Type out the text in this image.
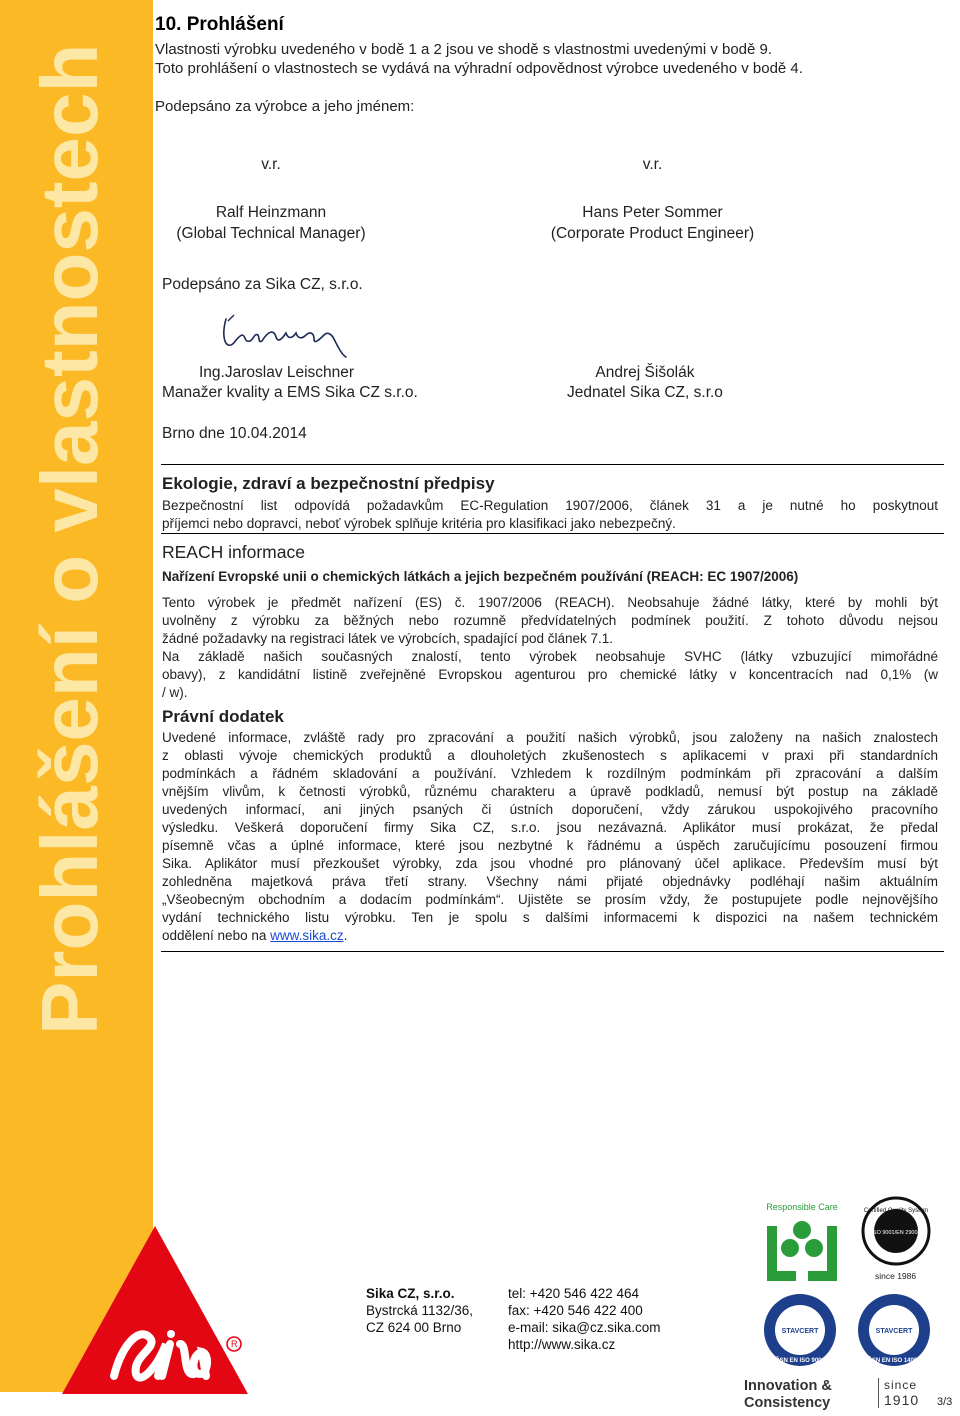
Prohlášení o vlastnostech
R
10. Prohlášení
Vlastnosti výrobku uvedeného v bodě 1 a 2 jsou ve shodě s vlastnostmi uvedenými v bodě 9.
Toto prohlášení o vlastnostech se vydává na výhradní odpovědnost výrobce uvedeného v bodě 4.
Podepsáno za výrobce a jeho jménem:
v.r.
Ralf Heinzmann
(Global Technical Manager)
v.r.
Hans Peter Sommer
(Corporate Product Engineer)
Podepsáno za Sika CZ, s.r.o.
Ing.Jaroslav Leischner
Manažer kvality a EMS Sika CZ s.r.o.
Andrej Šišolák
Jednatel Sika CZ, s.r.o
Brno dne 10.04.2014
Ekologie, zdraví a bezpečnostní předpisy
Bezpečnostní list odpovídá požadavkům EC-Regulation 1907/2006, článek 31 a je nutné ho poskytnout
příjemci nebo dopravci, neboť výrobek splňuje kritéria pro klasifikaci jako nebezpečný.
REACH informace
Nařízení Evropské unii o chemických látkách a jejich bezpečném používání (REACH: EC 1907/2006)
Tento výrobek je předmět nařízení (ES) č. 1907/2006 (REACH). Neobsahuje žádné látky, které by mohli být
uvolněny z výrobku za běžných nebo rozumně předvídatelných podmínek použití. Z tohoto důvodu nejsou
žádné požadavky na registraci látek ve výrobcích, spadající pod článek 7.1.
Na základě našich současných znalostí, tento výrobek neobsahuje SVHC (látky vzbuzující mimořádné
obavy), z kandidátní listině zveřejněné Evropskou agenturou pro chemické látky v koncentracích nad 0,1% (w
/ w).
Právní dodatek
Uvedené informace, zvláště rady pro zpracování a použití našich výrobků, jsou založeny na našich znalostech
z oblasti vývoje chemických produktů a dlouholetých zkušenostech s aplikacemi v praxi při standardních
podmínkách a řádném skladování a používání. Vzhledem k rozdílným podmínkám při zpracování a dalším
vnějším vlivům, k četnosti výrobků, různému charakteru a úpravě podkladů, nemusí být postup na základě
uvedených informací, ani jiných psaných či ústních doporučení, vždy zárukou uspokojivého pracovního
výsledku. Veškerá doporučení firmy Sika CZ, s.r.o. jsou nezávazná. Aplikátor musí prokázat, že předal
písemně včas a úplné informace, které jsou nezbytné k řádnému a úspěch zaručujícímu posouzení firmou
Sika. Aplikátor musí přezkoušet výrobky, zda jsou vhodné pro plánovaný účel aplikace. Především musí být
zohledněna majetková práva třetí strany. Všechny námi přijaté objednávky podléhají našim aktuálním
„Všeobecným obchodním a dodacím podmínkám“. Ujistěte se prosím vždy, že postupujete podle nejnovějšího
vydání technického listu výrobku. Ten je spolu s dalšími informacemi k dispozici na našem technickém
oddělení nebo na www.sika.cz.
Responsible Care	Certified Quality System
ISO 9001/EN 29001
since 1986
STAVCERT
ČSN EN ISO 9001
STAVCERT
ČSN EN ISO 14001
Sika CZ, s.r.o.
Bystrcká 1132/36,
CZ 624 00 Brno
tel: +420 546 422 464
fax: +420 546 422 400
e-mail: sika@cz.sika.com
http://www.sika.cz
Innovation &
Consistency
since
1910 3/3
